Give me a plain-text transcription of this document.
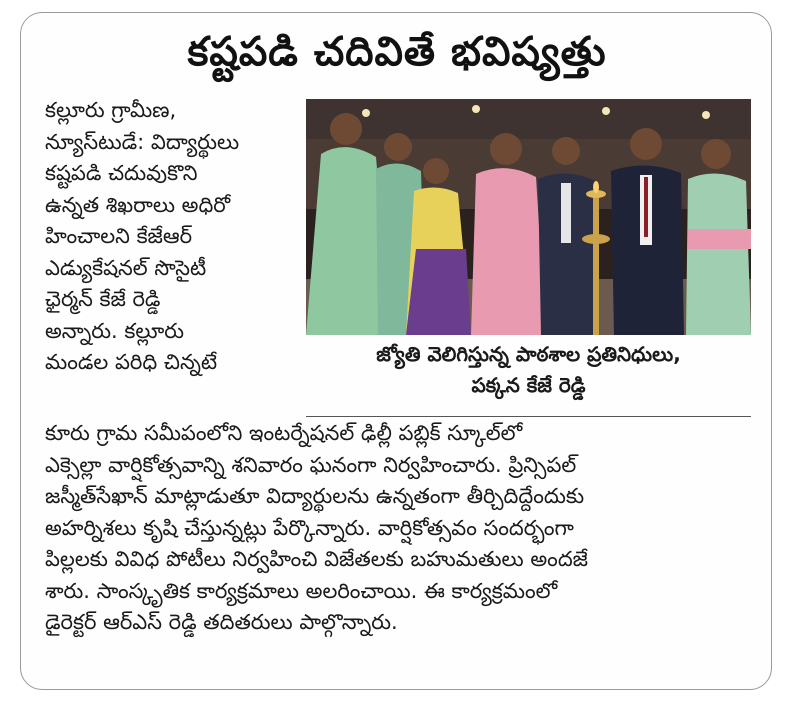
కష్టపడి చదివితే భవిష్యత్తు
కల్లూరు గ్రామీణ,
న్యూస్‌టుడే: విద్యార్థులు
కష్టపడి చదువుకొని
ఉన్నత శిఖరాలు అధిరో
హించాలని కేజేఆర్
ఎడ్యుకేషనల్ సొసైటీ
ఛైర్మన్ కేజే రెడ్డి
అన్నారు. కల్లూరు
మండల పరిధి చిన్నటే	జ్యోతి వెలిగిస్తున్న పాఠశాల ప్రతినిధులు,
పక్కన కేజే రెడ్డి
కూరు గ్రామ సమీపంలోని ఇంటర్నేషనల్ ఢిల్లీ పబ్లిక్ స్కూల్‌లో
ఎక్సెల్లా వార్షికోత్సవాన్ని శనివారం ఘనంగా నిర్వహించారు. ప్రిన్సిపల్
జస్మీత్‌సేఖాన్ మాట్లాడుతూ విద్యార్థులను ఉన్నతంగా తీర్చిదిద్దేందుకు
అహర్నిశలు కృషి చేస్తున్నట్లు పేర్కొన్నారు. వార్షికోత్సవం సందర్భంగా
పిల్లలకు వివిధ పోటీలు నిర్వహించి విజేతలకు బహుమతులు అందజే
శారు. సాంస్కృతిక కార్యక్రమాలు అలరించాయి. ఈ కార్యక్రమంలో
డైరెక్టర్ ఆర్ఎస్ రెడ్డి తదితరులు పాల్గొన్నారు.
